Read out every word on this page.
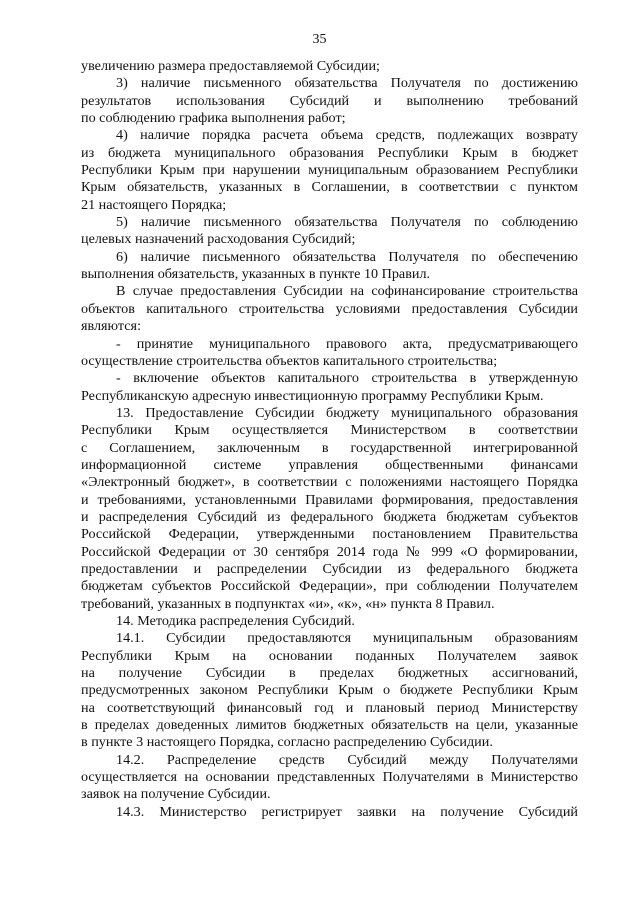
35

увеличению размера предоставляемой Субсидии;

3) наличие письменного обязательства Получателя по достижению

результатов использования Субсидий и выполнению требований

по соблюдению графика выполнения работ;

4) наличие порядка расчета объема средств, подлежащих возврату

из бюджета муниципального образования Республики Крым в бюджет

Республики Крым при нарушении муниципальным образованием Республики

Крым обязательств, указанных в Соглашении, в соответствии с пунктом

21 настоящего Порядка;

5) наличие письменного обязательства Получателя по соблюдению

целевых назначений расходования Субсидий;

6) наличие письменного обязательства Получателя по обеспечению

выполнения обязательств, указанных в пункте 10 Правил.

В случае предоставления Субсидии на софинансирование строительства

объектов капитального строительства условиями предоставления Субсидии

являются:

- принятие муниципального правового акта, предусматривающего

осуществление строительства объектов капитального строительства;

- включение объектов капитального строительства в утвержденную

Республиканскую адресную инвестиционную программу Республики Крым.

13. Предоставление Субсидии бюджету муниципального образования

Республики Крым осуществляется Министерством в соответствии

с Соглашением, заключенным в государственной интегрированной

информационной системе управления общественными финансами

«Электронный бюджет», в соответствии с положениями настоящего Порядка

и требованиями, установленными Правилами формирования, предоставления

и распределения Субсидий из федерального бюджета бюджетам субъектов

Российской Федерации, утвержденными постановлением Правительства

Российской Федерации от 30 сентября 2014 года № 999 «О формировании,

предоставлении и распределении Субсидии из федерального бюджета

бюджетам субъектов Российской Федерации», при соблюдении Получателем

требований, указанных в подпунктах «и», «к», «н» пункта 8 Правил.

14. Методика распределения Субсидий.

14.1. Субсидии предоставляются муниципальным образованиям

Республики Крым на основании поданных Получателем заявок

на получение Субсидии в пределах бюджетных ассигнований,

предусмотренных законом Республики Крым о бюджете Республики Крым

на соответствующий финансовый год и плановый период Министерству

в пределах доведенных лимитов бюджетных обязательств на цели, указанные

в пункте 3 настоящего Порядка, согласно распределению Субсидии.

14.2. Распределение средств Субсидий между Получателями

осуществляется на основании представленных Получателями в Министерство

заявок на получение Субсидии.

14.3. Министерство регистрирует заявки на получение Субсидий
